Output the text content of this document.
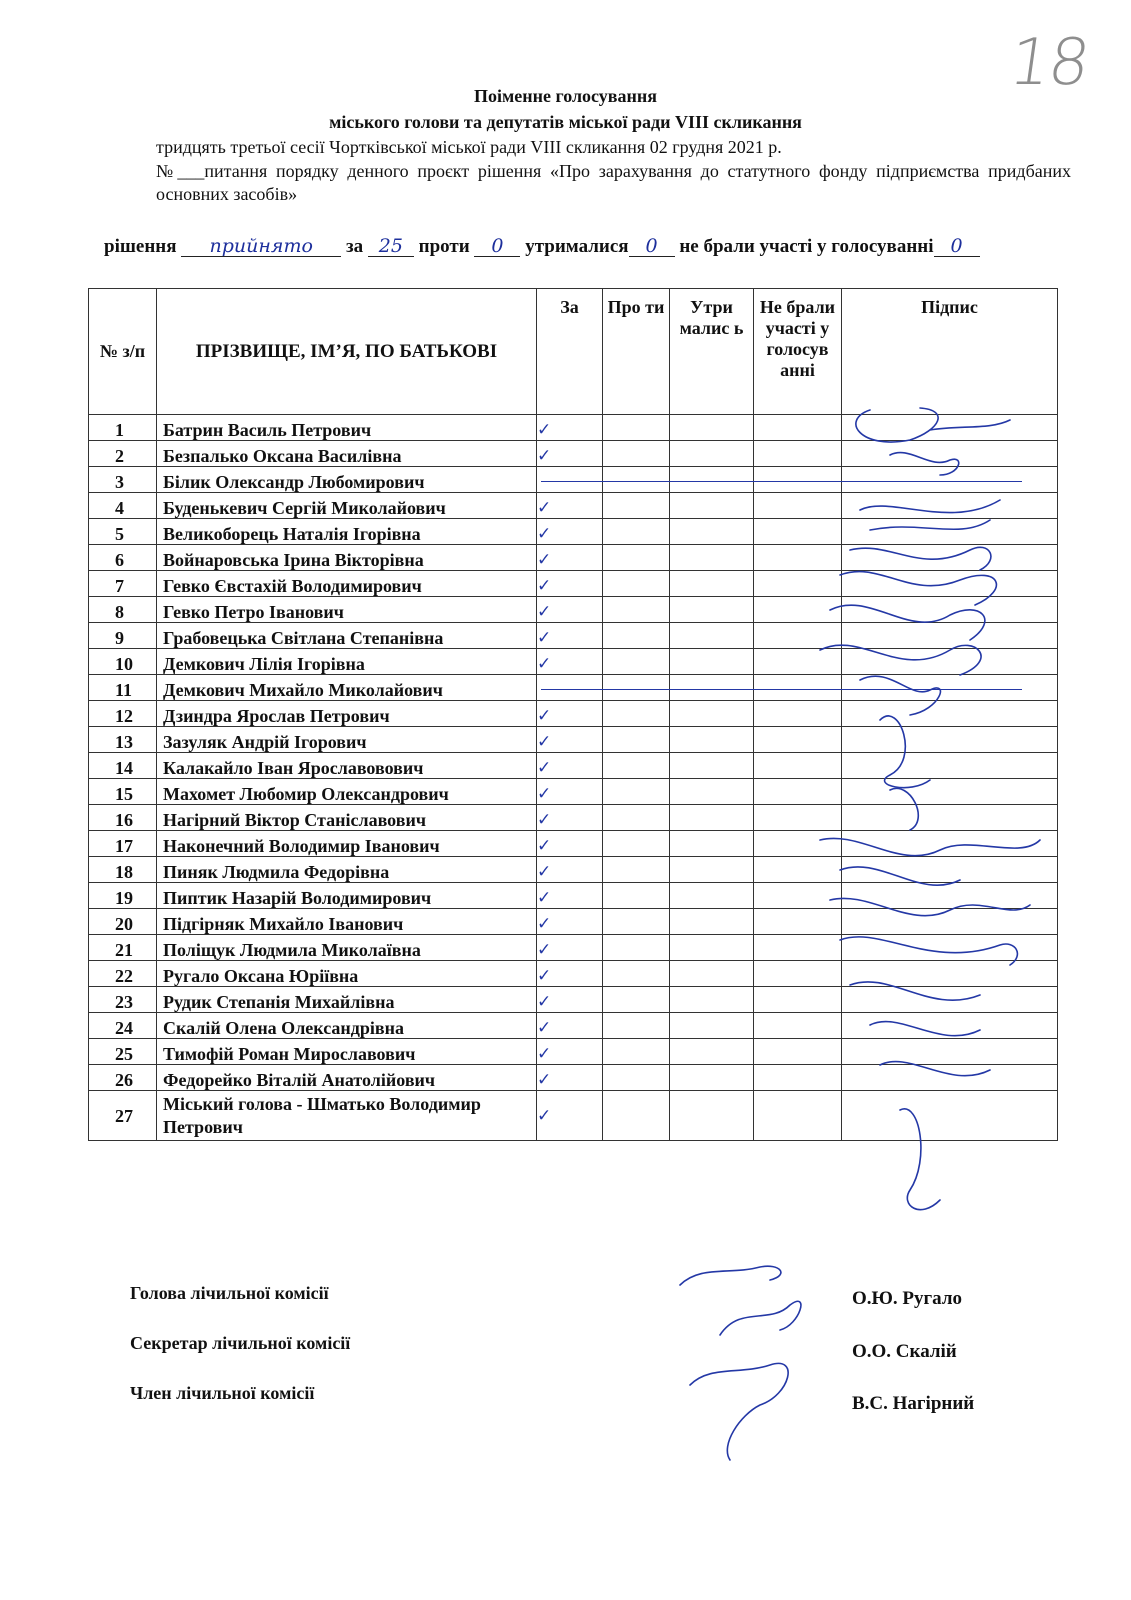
18
Поіменне голосування
міського голови та депутатів міської ради VIII скликання
тридцять третьої сесії Чортківської міської ради VIII скликання 02 грудня 2021 р.
№___питання порядку денного проєкт рішення «Про зарахування до статутного фонду підприємства придбаних основних засобів»
рішення прийнято за 25 проти 0 утрималися 0 не брали участі у голосуванні 0
№ з/п	ПРІЗВИЩЕ, ІМ’Я, ПО БАТЬКОВІ	За	Про ти	Утри малис ь	Не брали участі у голосув анні	Підпис
1	Батрин Василь Петрович	✓				
2	Безпалько Оксана Василівна	✓				
3	Білик Олександр Любомирович					
4	Буденькевич Сергій Миколайович	✓				
5	Великоборець Наталія Ігорівна	✓				
6	Войнаровська Ірина Вікторівна	✓				
7	Гевко Євстахій Володимирович	✓				
8	Гевко Петро Іванович	✓				
9	Грабовецька Світлана Степанівна	✓				
10	Демкович Лілія Ігорівна	✓				
11	Демкович Михайло Миколайович					
12	Дзиндра Ярослав Петрович	✓				
13	Зазуляк Андрій Ігорович	✓				
14	Калакайло Іван Ярославовович	✓				
15	Махомет Любомир Олександрович	✓				
16	Нагірний Віктор Станіславович	✓				
17	Наконечний Володимир Іванович	✓				
18	Пиняк Людмила Федорівна	✓				
19	Пиптик Назарій Володимирович	✓				
20	Підгірняк Михайло Іванович	✓				
21	Поліщук Людмила Миколаївна	✓				
22	Ругало Оксана Юріївна	✓				
23	Рудик Степанія Михайлівна	✓				
24	Скалій Олена Олександрівна	✓				
25	Тимофій Роман Мирославович	✓				
26	Федорейко Віталій Анатолійович	✓				
27	Міський голова - Шматько Володимир Петрович	✓				
Голова лічильної комісії
Секретар лічильної комісії
Член лічильної комісії
О.Ю. Ругало
О.О. Скалій
В.С. Нагірний
